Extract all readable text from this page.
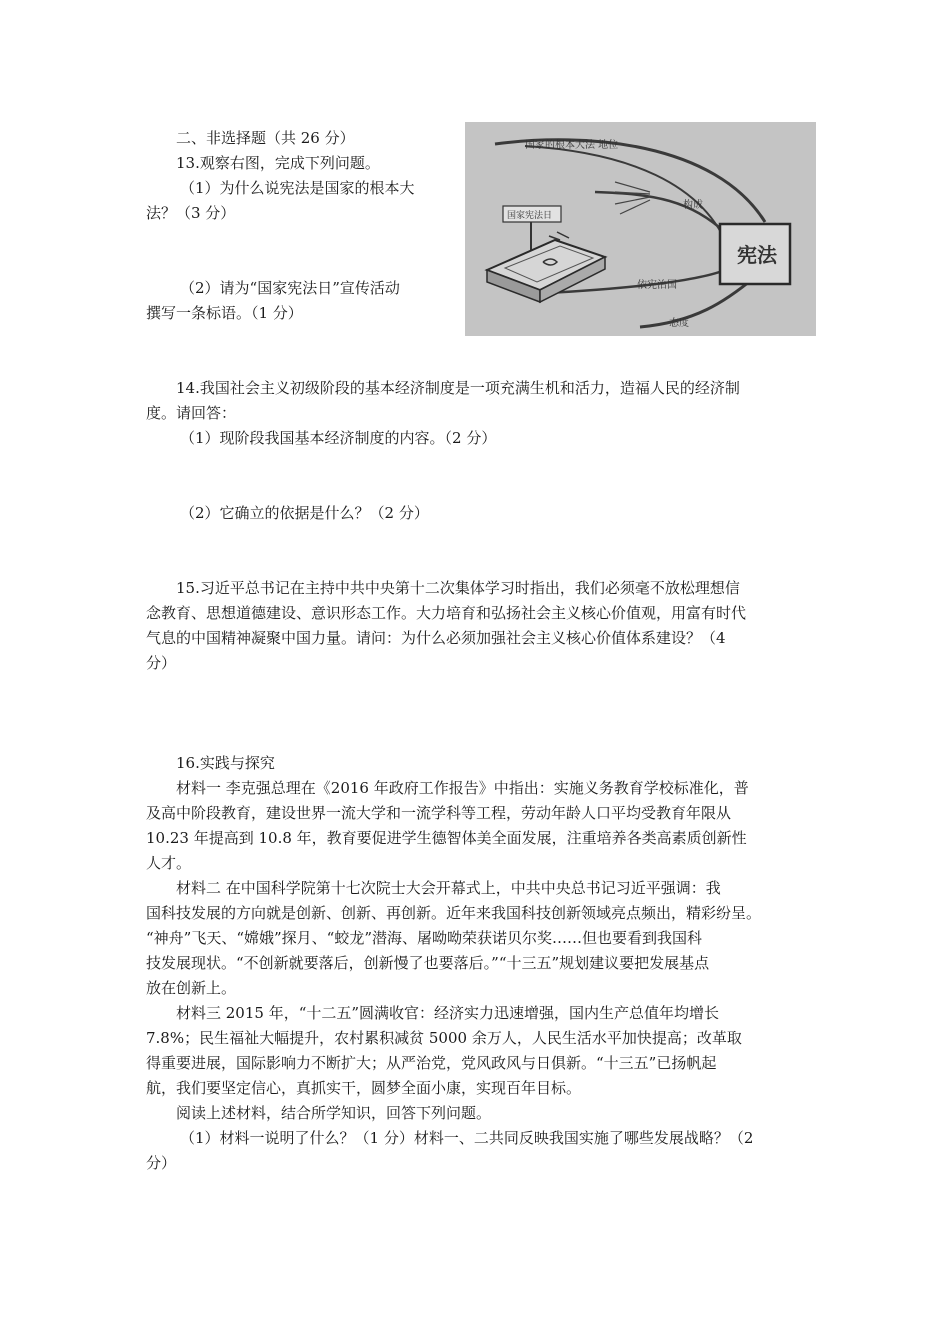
二、非选择题（共 26 分）
13.观察右图，完成下列问题。
（1）为什么说宪法是国家的根本大
法？（3 分）
（2）请为“国家宪法日”宣传活动
撰写一条标语。（1 分）
宪法
国家的根本大法 地位
构成
依宪治国
态度
国家宪法日
14.我国社会主义初级阶段的基本经济制度是一项充满生机和活力，造福人民的经济制
度。请回答：
（1）现阶段我国基本经济制度的内容。（2 分）
（2）它确立的依据是什么？（2 分）
15.习近平总书记在主持中共中央第十二次集体学习时指出，我们必须毫不放松理想信
念教育、思想道德建设、意识形态工作。大力培育和弘扬社会主义核心价值观，用富有时代
气息的中国精神凝聚中国力量。请问：为什么必须加强社会主义核心价值体系建设？（4
分）
16.实践与探究
材料一 李克强总理在《2016 年政府工作报告》中指出：实施义务教育学校标准化，普
及高中阶段教育，建设世界一流大学和一流学科等工程，劳动年龄人口平均受教育年限从
10.23 年提高到 10.8 年，教育要促进学生德智体美全面发展，注重培养各类高素质创新性
人才。
材料二 在中国科学院第十七次院士大会开幕式上，中共中央总书记习近平强调：我
国科技发展的方向就是创新、创新、再创新。近年来我国科技创新领域亮点频出，精彩纷呈。
“神舟”飞天、“嫦娥”探月、“蛟龙”潜海、屠呦呦荣获诺贝尔奖……但也要看到我国科
技发展现状。“不创新就要落后，创新慢了也要落后。”“十三五”规划建议要把发展基点
放在创新上。
材料三 2015 年，“十二五”圆满收官：经济实力迅速增强，国内生产总值年均增长
7.8%；民生福祉大幅提升，农村累积减贫 5000 余万人，人民生活水平加快提高；改革取
得重要进展，国际影响力不断扩大；从严治党，党风政风与日俱新。“十三五”已扬帆起
航，我们要坚定信心，真抓实干，圆梦全面小康，实现百年目标。
阅读上述材料，结合所学知识，回答下列问题。
（1）材料一说明了什么？（1 分）材料一、二共同反映我国实施了哪些发展战略？（2
分）
